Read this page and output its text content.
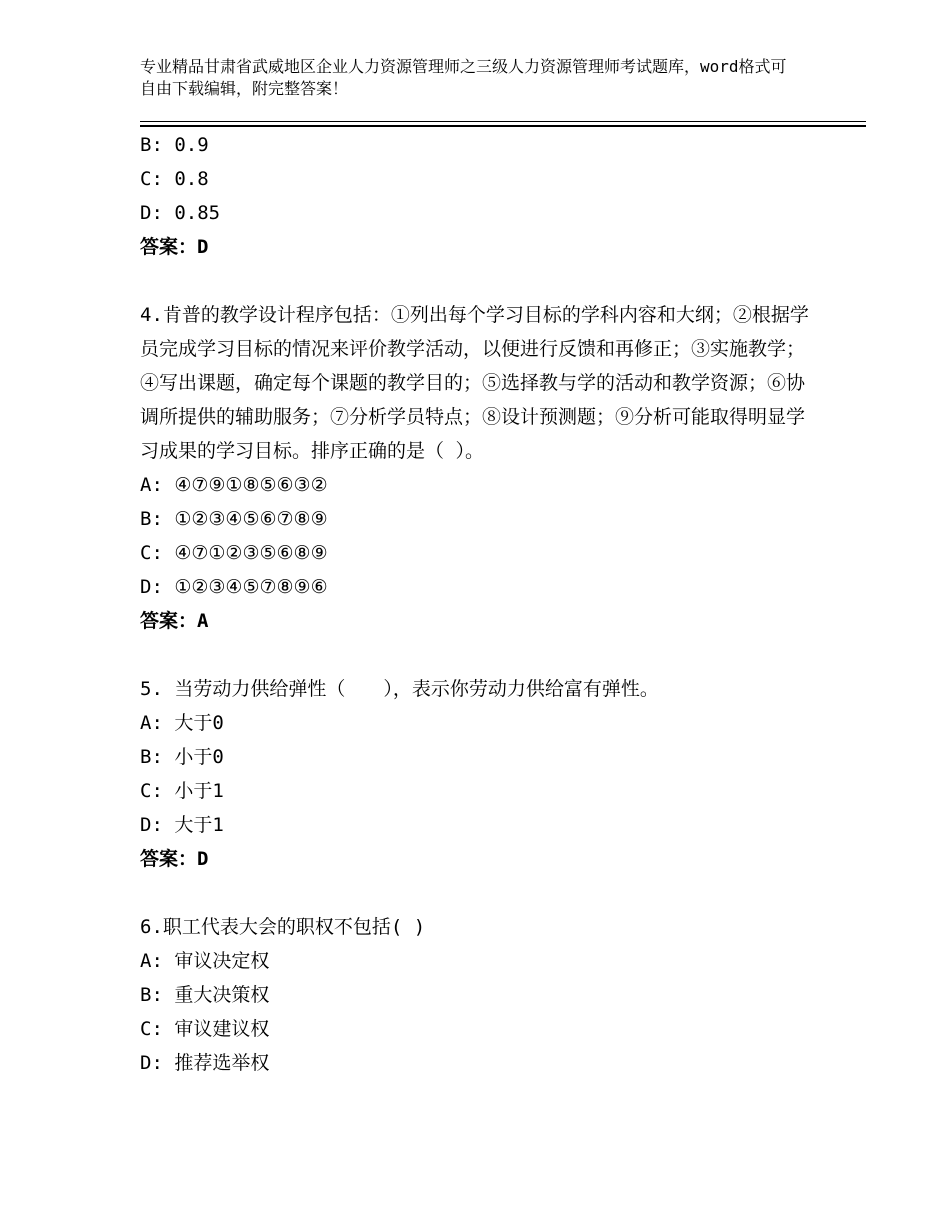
专业精品甘肃省武威地区企业人力资源管理师之三级人力资源管理师考试题库，word格式可自由下载编辑，附完整答案！
B: 0.9
C: 0.8
D: 0.85
答案：D
4.肯普的教学设计程序包括：①列出每个学习目标的学科内容和大纲；②根据学员完成学习目标的情况来评价教学活动，以便进行反馈和再修正；③实施教学；④写出课题，确定每个课题的教学目的；⑤选择教与学的活动和教学资源；⑥协调所提供的辅助服务；⑦分析学员特点；⑧设计预测题；⑨分析可能取得明显学习成果的学习目标。排序正确的是（ ）。
A: ④⑦⑨①⑧⑤⑥③②
B: ①②③④⑤⑥⑦⑧⑨
C: ④⑦①②③⑤⑥⑧⑨
D: ①②③④⑤⑦⑧⑨⑥
答案：A
5. 当劳动力供给弹性（　　），表示你劳动力供给富有弹性。
A: 大于0
B: 小于0
C: 小于1
D: 大于1
答案：D
6.职工代表大会的职权不包括( )
A: 审议决定权
B: 重大决策权
C: 审议建议权
D: 推荐选举权
